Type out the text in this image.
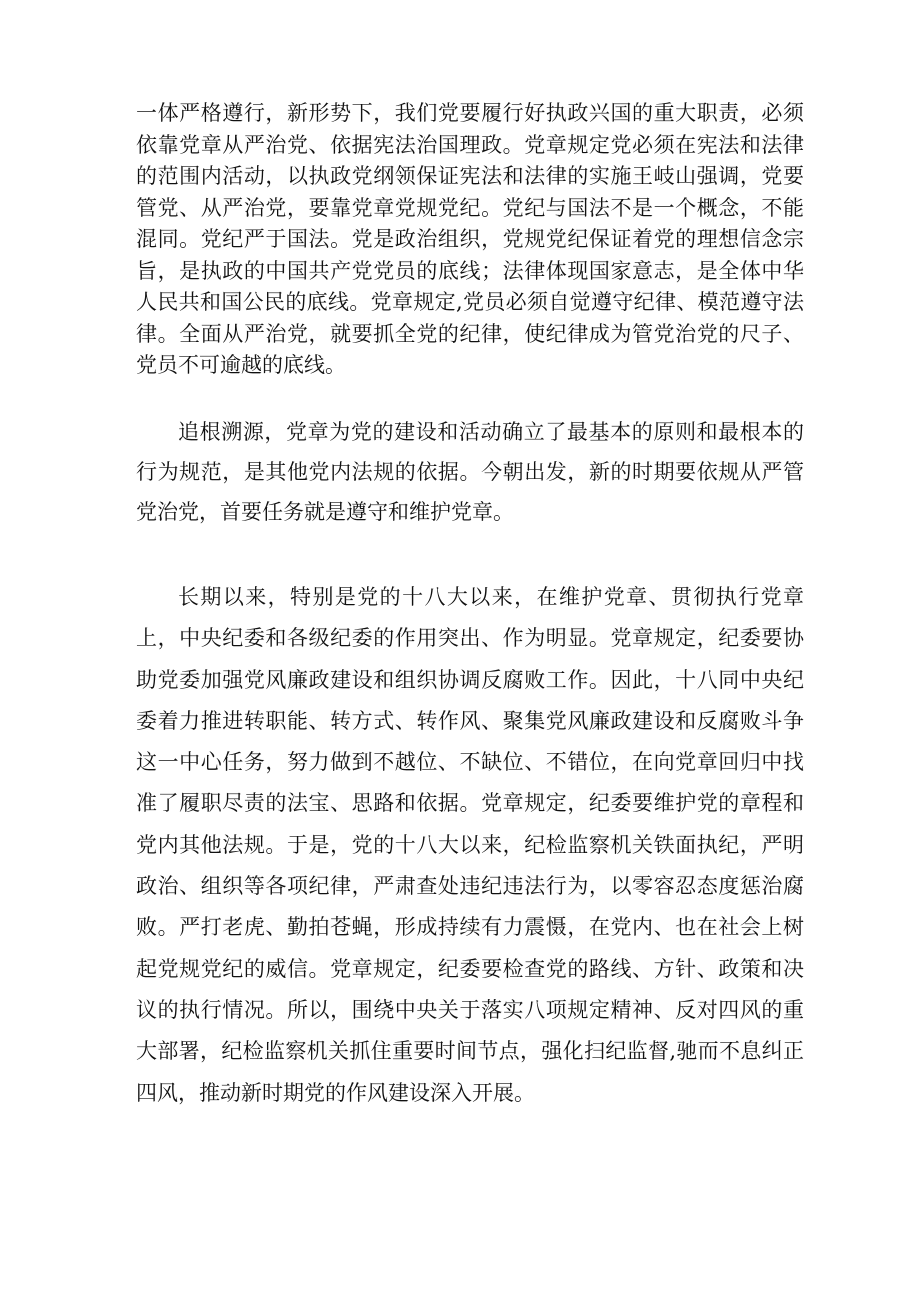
一体严格遵行，新形势下，我们党要履行好执政兴国的重大职责，必须依靠党章从严治党、依据宪法治国理政。党章规定党必须在宪法和法律的范围内活动，以执政党纲领保证宪法和法律的实施王岐山强调，党要管党、从严治党，要靠党章党规党纪。党纪与国法不是一个概念，不能混同。党纪严于国法。党是政治组织，党规党纪保证着党的理想信念宗旨，是执政的中国共产党党员的底线；法律体现国家意志，是全体中华人民共和国公民的底线。党章规定,党员必须自觉遵守纪律、模范遵守法律。全面从严治党，就要抓全党的纪律，使纪律成为管党治党的尺子、党员不可逾越的底线。

追根溯源，党章为党的建设和活动确立了最基本的原则和最根本的行为规范，是其他党内法规的依据。今朝出发，新的时期要依规从严管党治党，首要任务就是遵守和维护党章。

长期以来，特别是党的十八大以来，在维护党章、贯彻执行党章上，中央纪委和各级纪委的作用突出、作为明显。党章规定，纪委要协助党委加强党风廉政建设和组织协调反腐败工作。因此，十八同中央纪委着力推进转职能、转方式、转作风、聚集党风廉政建设和反腐败斗争这一中心任务，努力做到不越位、不缺位、不错位，在向党章回归中找准了履职尽责的法宝、思路和依据。党章规定，纪委要维护党的章程和党内其他法规。于是，党的十八大以来，纪检监察机关铁面执纪，严明政治、组织等各项纪律，严肃查处违纪违法行为，以零容忍态度惩治腐败。严打老虎、勤拍苍蝇，形成持续有力震慑，在党内、也在社会上树起党规党纪的威信。党章规定，纪委要检查党的路线、方针、政策和决议的执行情况。所以，围绕中央关于落实八项规定精神、反对四风的重大部署，纪检监察机关抓住重要时间节点，强化扫纪监督,驰而不息纠正四风，推动新时期党的作风建设深入开展。
